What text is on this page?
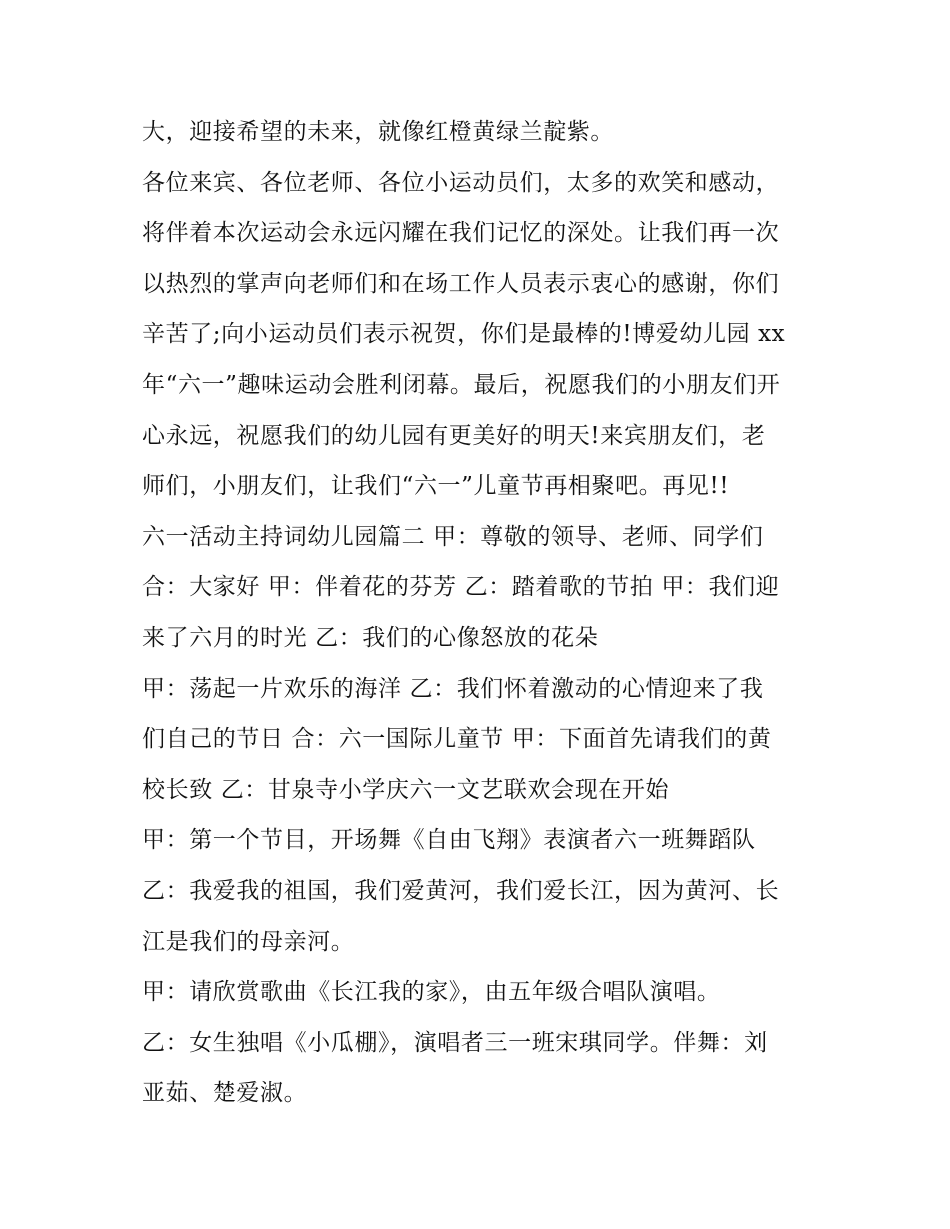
大，迎接希望的未来，就像红橙黄绿兰靛紫。
各位来宾、各位老师、各位小运动员们，太多的欢笑和感动，
将伴着本次运动会永远闪耀在我们记忆的深处。让我们再一次
以热烈的掌声向老师们和在场工作人员表示衷心的感谢，你们
辛苦了;向小运动员们表示祝贺，你们是最棒的!博爱幼儿园 xx
年“六一”趣味运动会胜利闭幕。最后，祝愿我们的小朋友们开
心永远，祝愿我们的幼儿园有更美好的明天!来宾朋友们，老
师们，小朋友们，让我们“六一”儿童节再相聚吧。再见!!
六一活动主持词幼儿园篇二 甲：尊敬的领导、老师、同学们
合：大家好 甲：伴着花的芬芳 乙：踏着歌的节拍 甲：我们迎
来了六月的时光 乙：我们的心像怒放的花朵
甲：荡起一片欢乐的海洋 乙：我们怀着激动的心情迎来了我
们自己的节日 合：六一国际儿童节 甲：下面首先请我们的黄
校长致 乙：甘泉寺小学庆六一文艺联欢会现在开始
甲：第一个节目，开场舞《自由飞翔》表演者六一班舞蹈队
乙：我爱我的祖国，我们爱黄河，我们爱长江，因为黄河、长
江是我们的母亲河。
甲：请欣赏歌曲《长江我的家》，由五年级合唱队演唱。
乙：女生独唱《小瓜棚》，演唱者三一班宋琪同学。伴舞：刘
亚茹、楚爱淑。
